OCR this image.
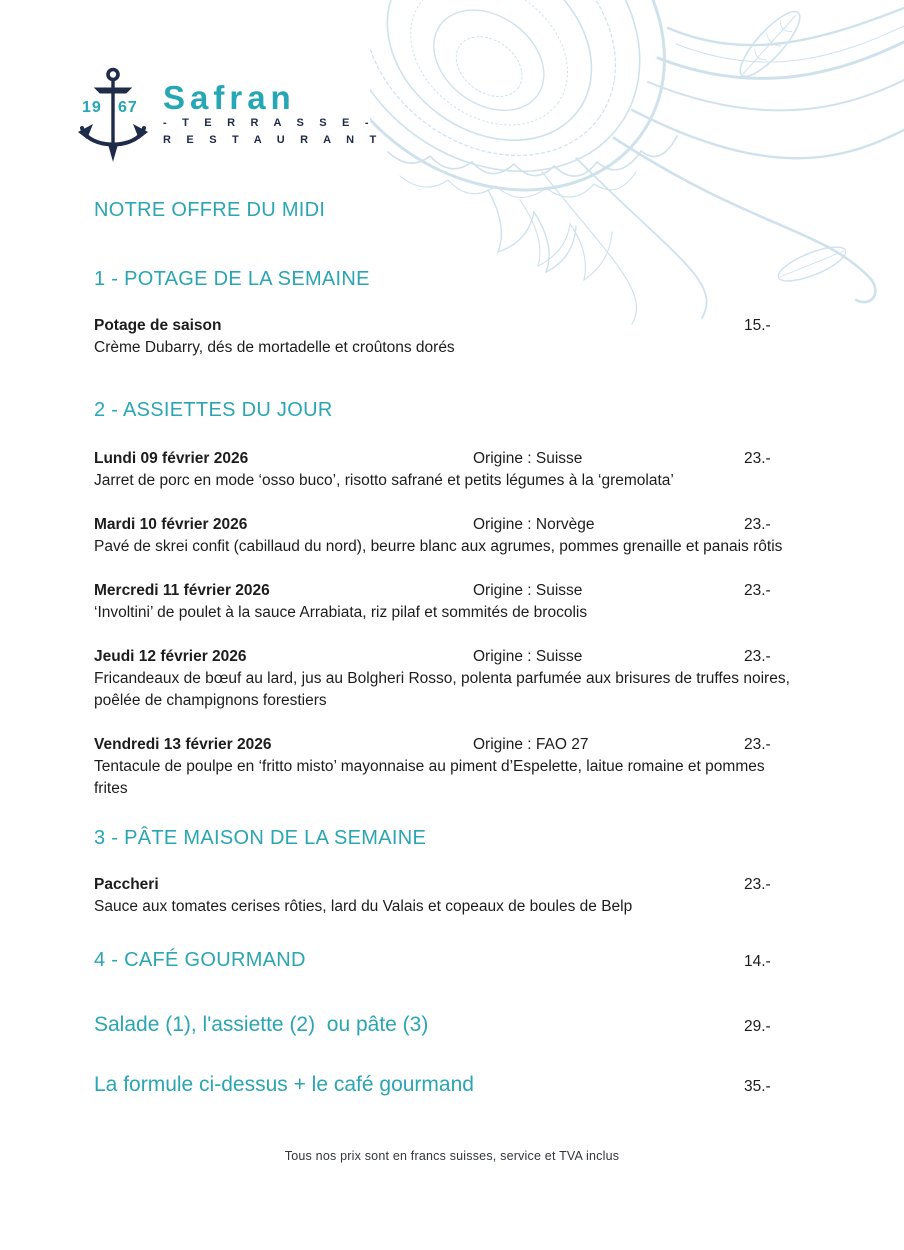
19 67 Safran
- T E R R A S S E -
R E S T A U R A N T
NOTRE OFFRE DU MIDI
1 - POTAGE DE LA SEMAINE
Potage de saison	15.-

Crème Dubarry, dés de mortadelle et croûtons dorés

2 - ASSIETTES DU JOUR
Lundi 09 février 2026	Origine : Suisse	23.-

Jarret de porc en mode ‘osso buco’, risotto safrané et petits légumes à la ‘gremolata’

Mardi 10 février 2026	Origine : Norvège	23.-

Pavé de skrei confit (cabillaud du nord), beurre blanc aux agrumes, pommes grenaille et panais rôtis

Mercredi 11 février 2026	Origine : Suisse	23.-

‘Involtini’ de poulet à la sauce Arrabiata, riz pilaf et sommités de brocolis

Jeudi 12 février 2026	Origine : Suisse	23.-

Fricandeaux de bœuf au lard, jus au Bolgheri Rosso, polenta parfumée aux brisures de truffes noires, poêlée de champignons forestiers

Vendredi 13 février 2026	Origine : FAO 27	23.-

Tentacule de poulpe en ‘fritto misto’ mayonnaise au piment d’Espelette, laitue romaine et pommes frites

3 - PÂTE MAISON DE LA SEMAINE
Paccheri	23.-

Sauce aux tomates cerises rôties, lard du Valais et copeaux de boules de Belp

4 - CAFÉ GOURMAND	14.-
Salade (1), l'assiette (2)  ou pâte (3)	29.-
La formule ci-dessus + le café gourmand	35.-
Tous nos prix sont en francs suisses, service et TVA inclus
